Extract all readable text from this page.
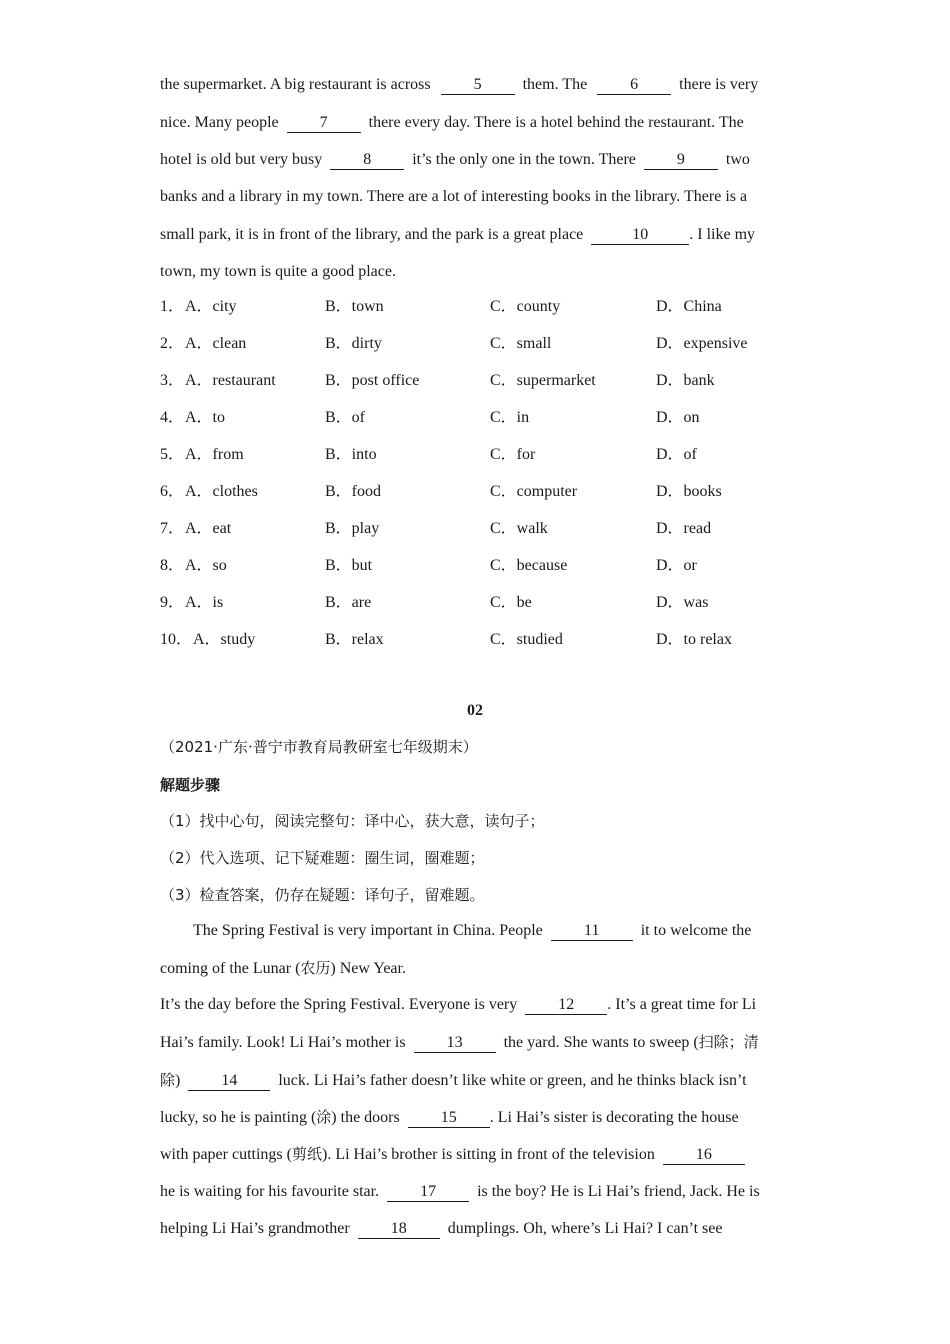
the supermarket. A big restaurant is across	5	them. The	6	there is very
nice. Many people	7	there every day. There is a hotel behind the restaurant. The
hotel is old but very busy	8	it’s the only one in the town. There	9	two
banks and a library in my town. There are a lot of interesting books in the library. There is a
small park, it is in front of the library, and the park is a great place	10	. I like my
town, my town is quite a good place.
1． A．city	B．town	C．county	D．China
2． A．clean	B．dirty	C．small	D．expensive
3． A．restaurant	B．post office	C．supermarket	D．bank
4． A．to	B．of	C．in	D．on
5． A．from	B．into	C．for	D．of
6． A．clothes	B．food	C．computer	D．books
7． A．eat	B．play	C．walk	D．read
8． A．so	B．but	C．because	D．or
9． A．is	B．are	C．be	D．was
10． A．study	B．relax	C．studied	D．to relax
02
（2021·广东·普宁市教育局教研室七年级期末）
解题步骤
（1）找中心句，阅读完整句：译中心，获大意，读句子；
（2）代入选项、记下疑难题：圈生词，圈难题；
（3）检查答案，仍存在疑题：译句子，留难题。
The Spring Festival is very important in China. People	11	it to welcome the
coming of the Lunar (农历) New Year.
It’s the day before the Spring Festival. Everyone is very	12 . It’s a great time for Li
Hai’s family. Look! Li Hai’s mother is	13	the yard. She wants to sweep (扫除；清
除)	14	luck. Li Hai’s father doesn’t like white or green, and he thinks black isn’t
lucky, so he is painting (涂) the doors	15 . Li Hai’s sister is decorating the house
with paper cuttings (剪纸). Li Hai’s brother is sitting in front of the television	16
he is waiting for his favourite star.	17	is the boy? He is Li Hai’s friend, Jack. He is
helping Li Hai’s grandmother	18	dumplings. Oh, where’s Li Hai? I can’t see
